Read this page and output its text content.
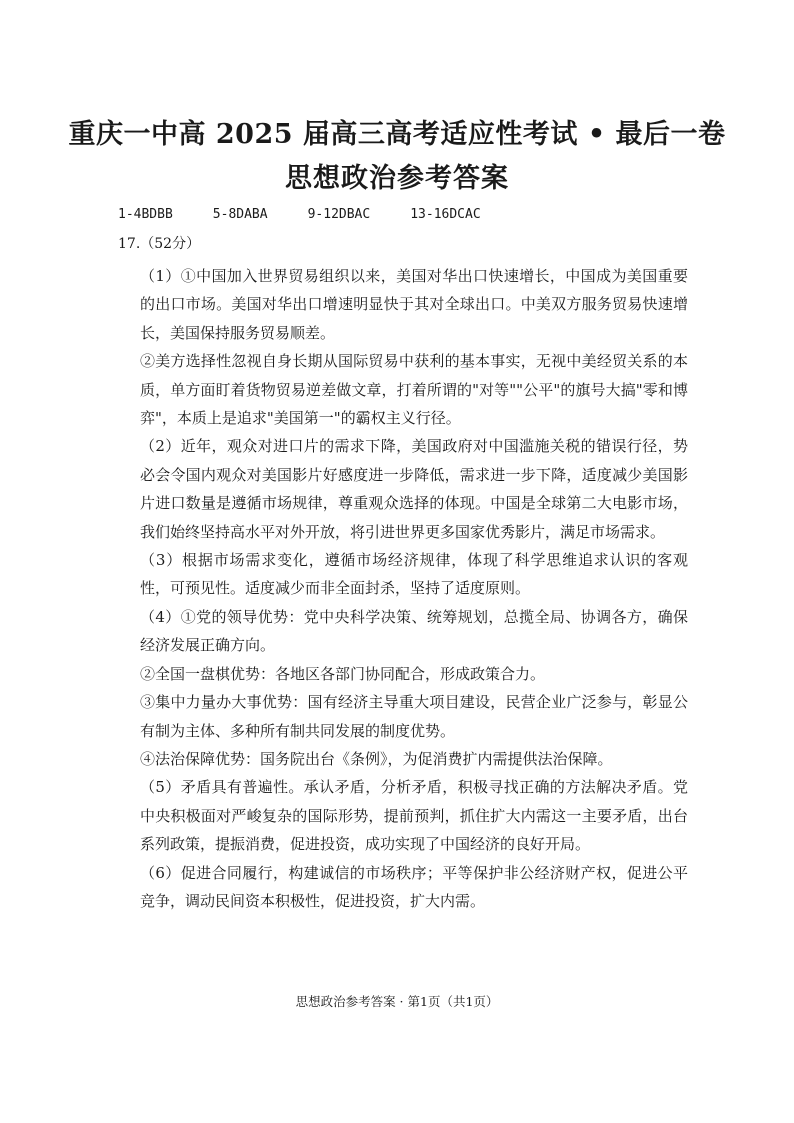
重庆一中高 2025 届高三高考适应性考试 • 最后一卷
思想政治参考答案
1-4BDBB	5-8DABA	9-12DBAC	13-16DCAC
17.（52分）

（1）①中国加入世界贸易组织以来，美国对华出口快速增长，中国成为美国重要的出口市场。美国对华出口增速明显快于其对全球出口。中美双方服务贸易快速增长，美国保持服务贸易顺差。

②美方选择性忽视自身长期从国际贸易中获利的基本事实，无视中美经贸关系的本质，单方面盯着货物贸易逆差做文章，打着所谓的"对等""公平"的旗号大搞"零和博弈"，本质上是追求"美国第一"的霸权主义行径。

（2）近年，观众对进口片的需求下降，美国政府对中国滥施关税的错误行径，势必会令国内观众对美国影片好感度进一步降低，需求进一步下降，适度减少美国影片进口数量是遵循市场规律，尊重观众选择的体现。中国是全球第二大电影市场，我们始终坚持高水平对外开放，将引进世界更多国家优秀影片，满足市场需求。

（3）根据市场需求变化，遵循市场经济规律，体现了科学思维追求认识的客观性，可预见性。适度减少而非全面封杀，坚持了适度原则。

（4）①党的领导优势：党中央科学决策、统筹规划，总揽全局、协调各方，确保经济发展正确方向。

②全国一盘棋优势：各地区各部门协同配合，形成政策合力。

③集中力量办大事优势：国有经济主导重大项目建设，民营企业广泛参与，彰显公有制为主体、多种所有制共同发展的制度优势。

④法治保障优势：国务院出台《条例》，为促消费扩内需提供法治保障。

（5）矛盾具有普遍性。承认矛盾，分析矛盾，积极寻找正确的方法解决矛盾。党中央积极面对严峻复杂的国际形势，提前预判，抓住扩大内需这一主要矛盾，出台系列政策，提振消费，促进投资，成功实现了中国经济的良好开局。

（6）促进合同履行，构建诚信的市场秩序；平等保护非公经济财产权，促进公平竞争，调动民间资本积极性，促进投资，扩大内需。

思想政治参考答案 · 第1页（共1页）
